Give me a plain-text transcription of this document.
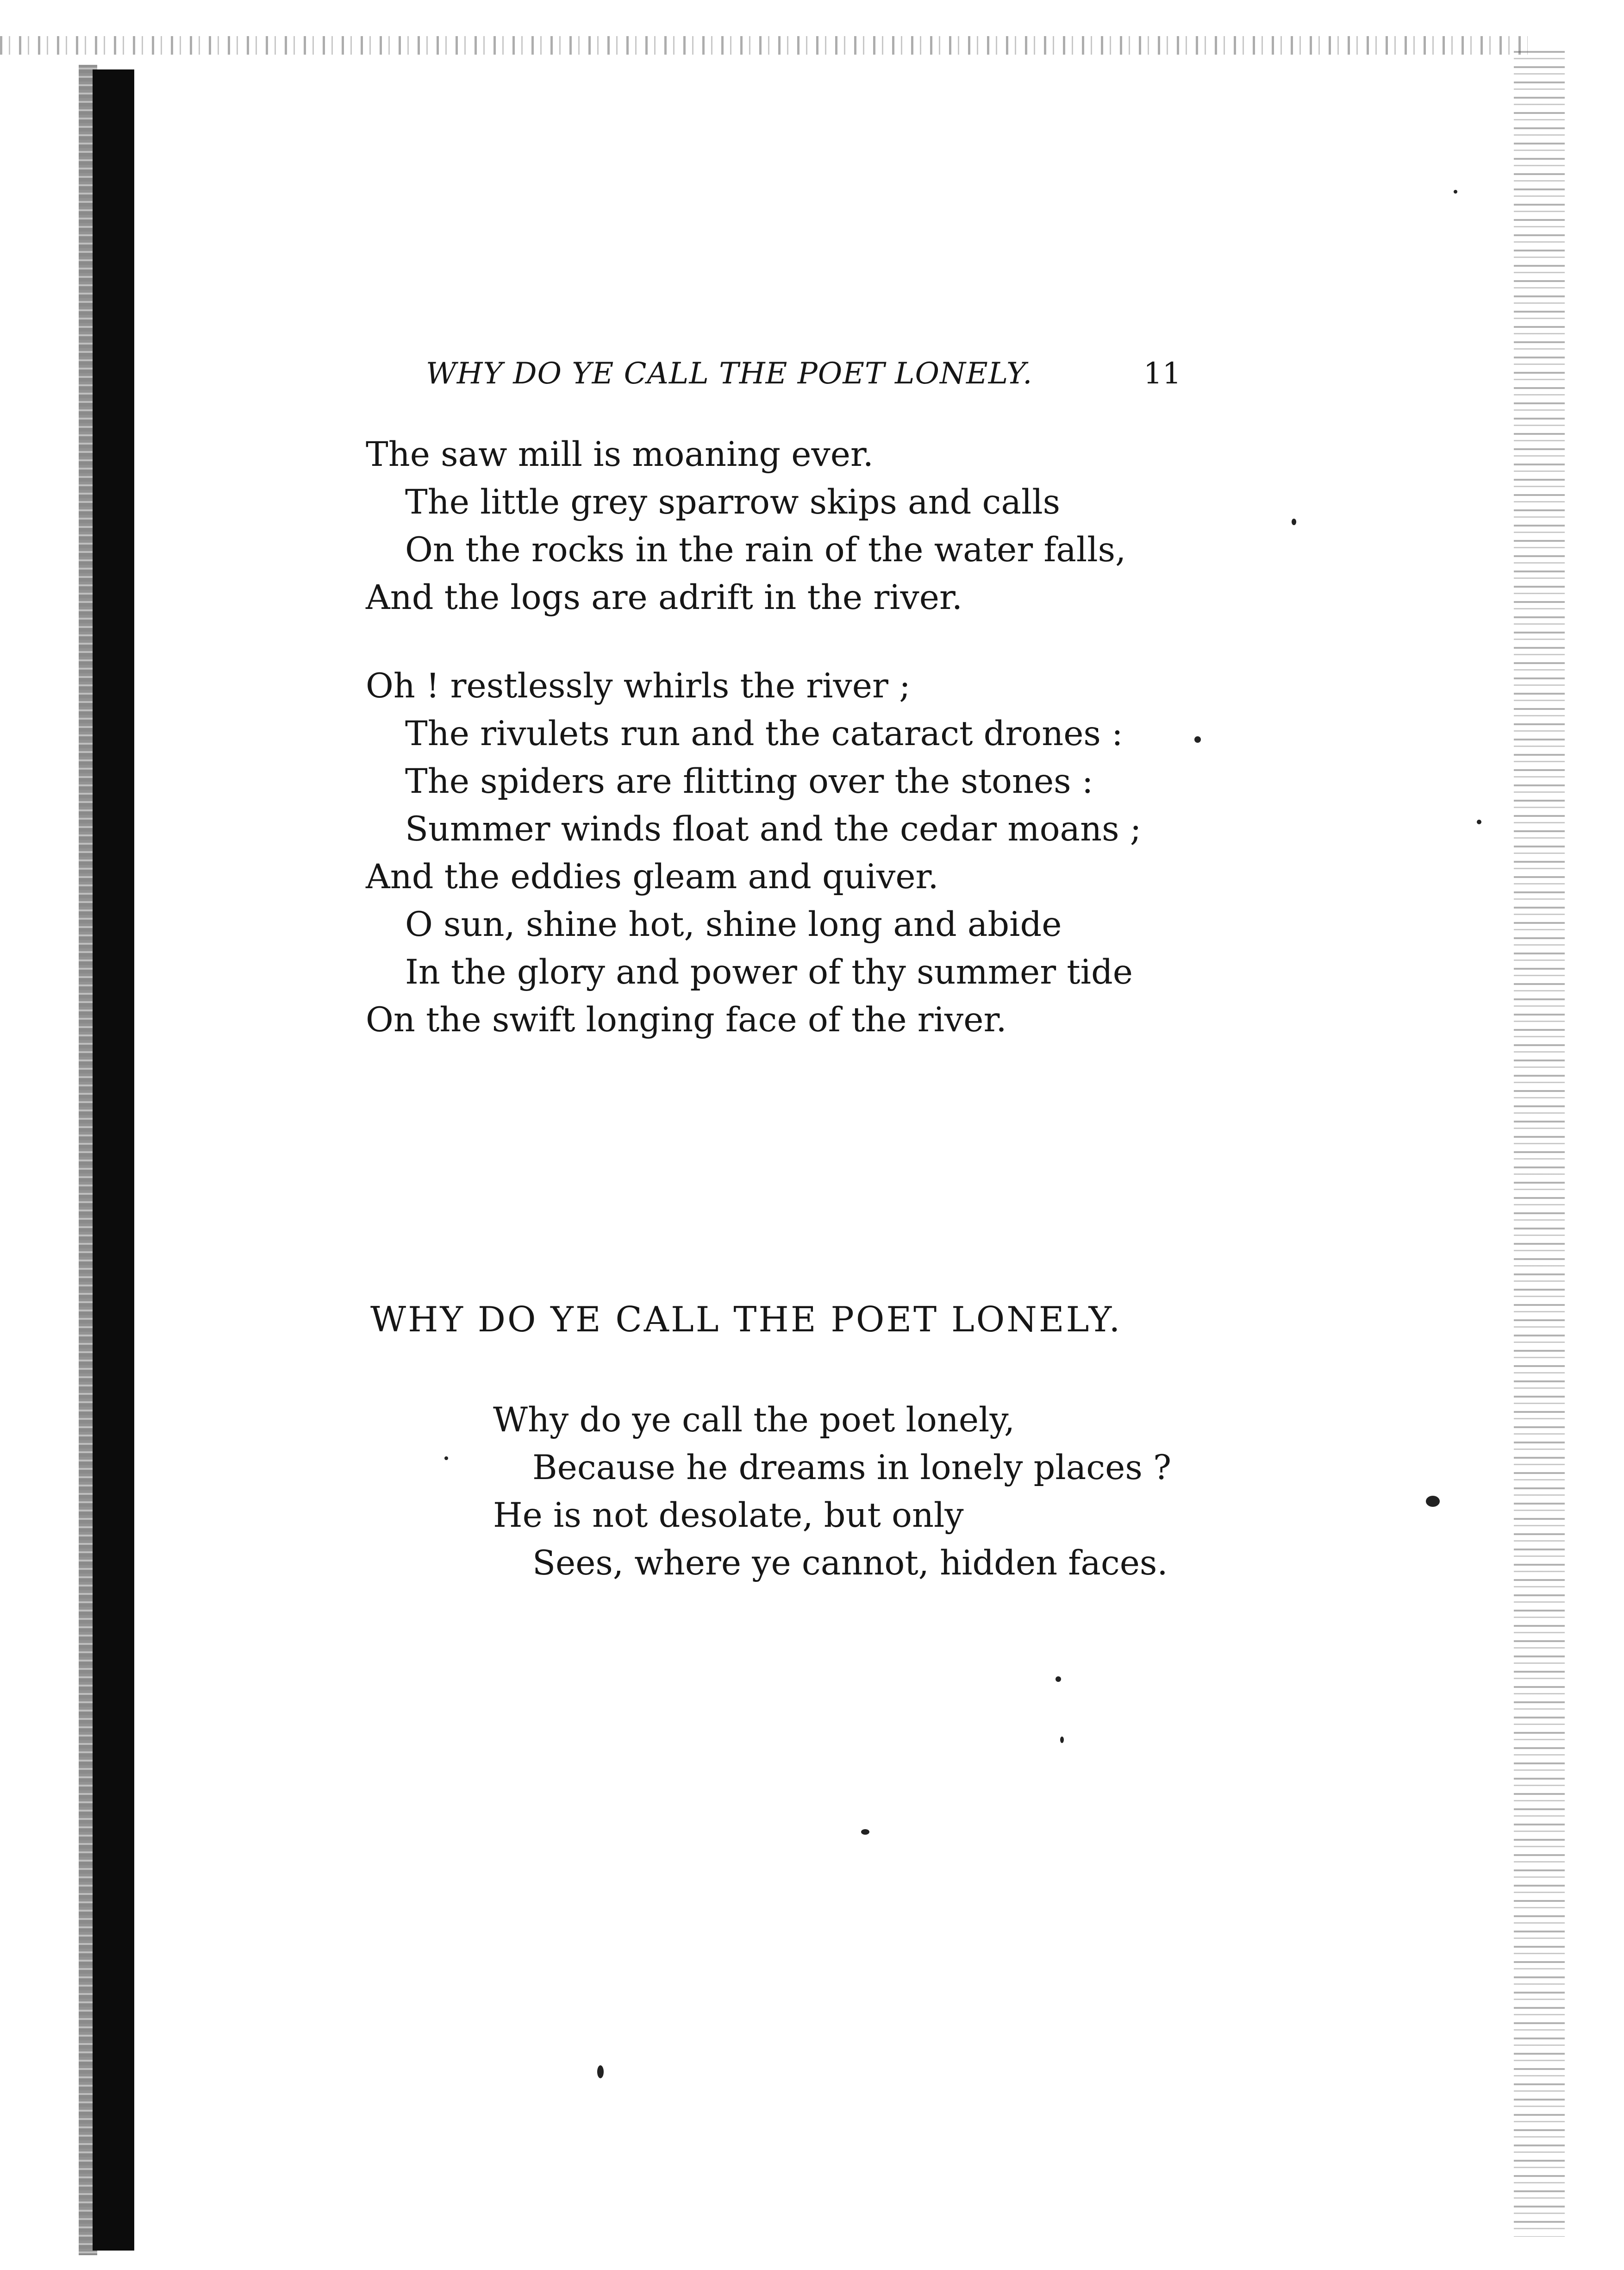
WHY DO YE CALL THE POET LONELY.	11
The saw mill is moaning ever.
The little grey sparrow skips and calls
On the rocks in the rain of the water falls,
And the logs are adrift in the river.
Oh ! restlessly whirls the river ;
The rivulets run and the cataract drones :
The spiders are flitting over the stones :
Summer winds float and the cedar moans ;
And the eddies gleam and quiver.
O sun, shine hot, shine long and abide
In the glory and power of thy summer tide
On the swift longing face of the river.
WHY DO YE CALL THE POET LONELY.
Why do ye call the poet lonely,
Because he dreams in lonely places ?
He is not desolate, but only
Sees, where ye cannot, hidden faces.
